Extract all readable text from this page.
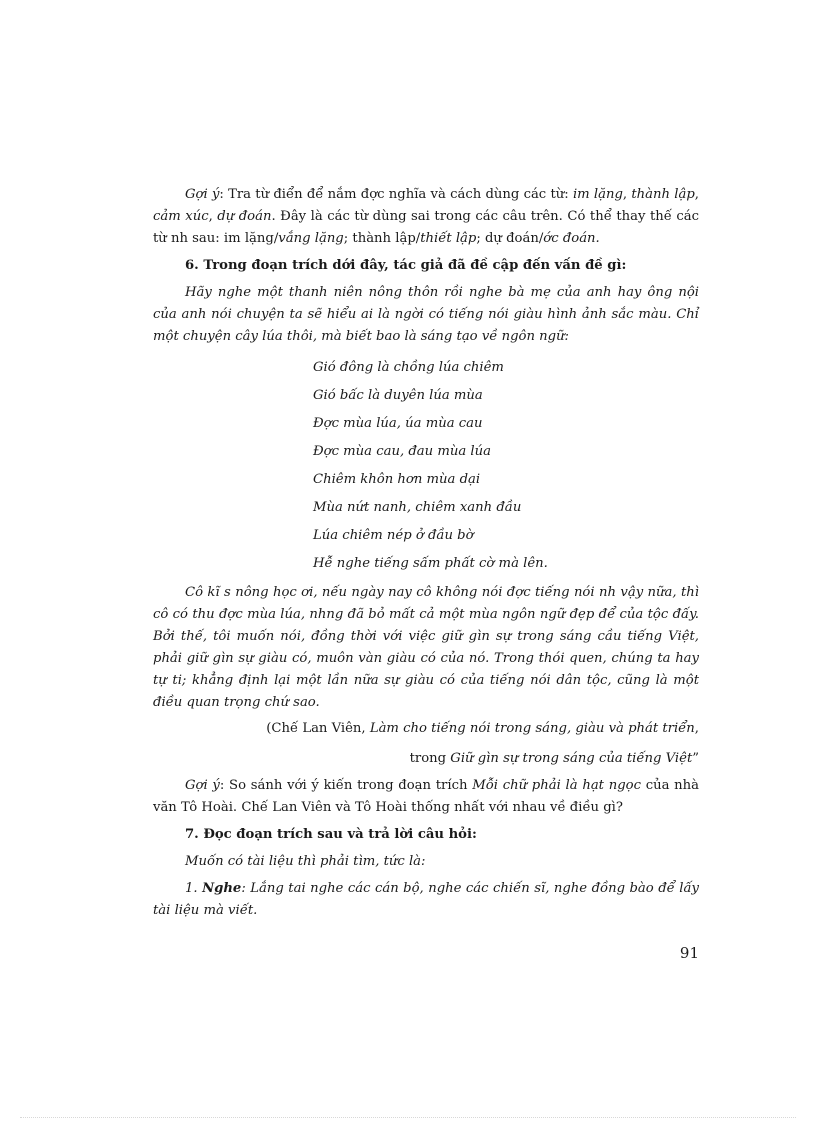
Gợi ý: Tra từ điển để nắm đợc nghĩa và cách dùng các từ: im lặng, thành lập, cảm xúc, dự đoán. Đây là các từ dùng sai trong các câu trên. Có thể thay thế các từ nh sau: im lặng/vắng lặng; thành lập/thiết lập; dự đoán/ớc đoán.

6. Trong đoạn trích dới đây, tác giả đã đề cập đến vấn đề gì:

Hãy nghe một thanh niên nông thôn rồi nghe bà mẹ của anh hay ông nội của anh nói chuyện ta sẽ hiểu ai là ngời có tiếng nói giàu hình ảnh sắc màu. Chỉ một chuyện cây lúa thôi, mà biết bao là sáng tạo về ngôn ngữ:

Gió đông là chồng lúa chiêm
Gió bấc là duyên lúa mùa
Đợc mùa lúa, úa mùa cau
Đợc mùa cau, đau mùa lúa
Chiêm khôn hơn mùa dại
Mùa nứt nanh, chiêm xanh đầu
Lúa chiêm nép ở đầu bờ
Hễ nghe tiếng sấm phất cờ mà lên.

Cô kĩ s nông học ơi, nếu ngày nay cô không nói đợc tiếng nói nh vậy nữa, thì cô có thu đợc mùa lúa, nhng đã bỏ mất cả một mùa ngôn ngữ đẹp để của tộc đấy. Bởi thế, tôi muốn nói, đồng thời với việc giữ gìn sự trong sáng cầu tiếng Việt, phải giữ gìn sự giàu có, muôn vàn giàu có của nó. Trong thói quen, chúng ta hay tự ti; khẳng định lại một lần nữa sự giàu có của tiếng nói dân tộc, cũng là một điều quan trọng chứ sao.

(Chế Lan Viên, Làm cho tiếng nói trong sáng, giàu và phát triển,

trong Giữ gìn sự trong sáng của tiếng Việt”

Gợi ý: So sánh với ý kiến trong đoạn trích Mỗi chữ phải là hạt ngọc của nhà văn Tô Hoài. Chế Lan Viên và Tô Hoài thống nhất với nhau về điều gì?

7. Đọc đoạn trích sau và trả lời câu hỏi:

Muốn có tài liệu thì phải tìm, tức là:

1. Nghe: Lắng tai nghe các cán bộ, nghe các chiến sĩ, nghe đồng bào để lấy tài liệu mà viết.

91
